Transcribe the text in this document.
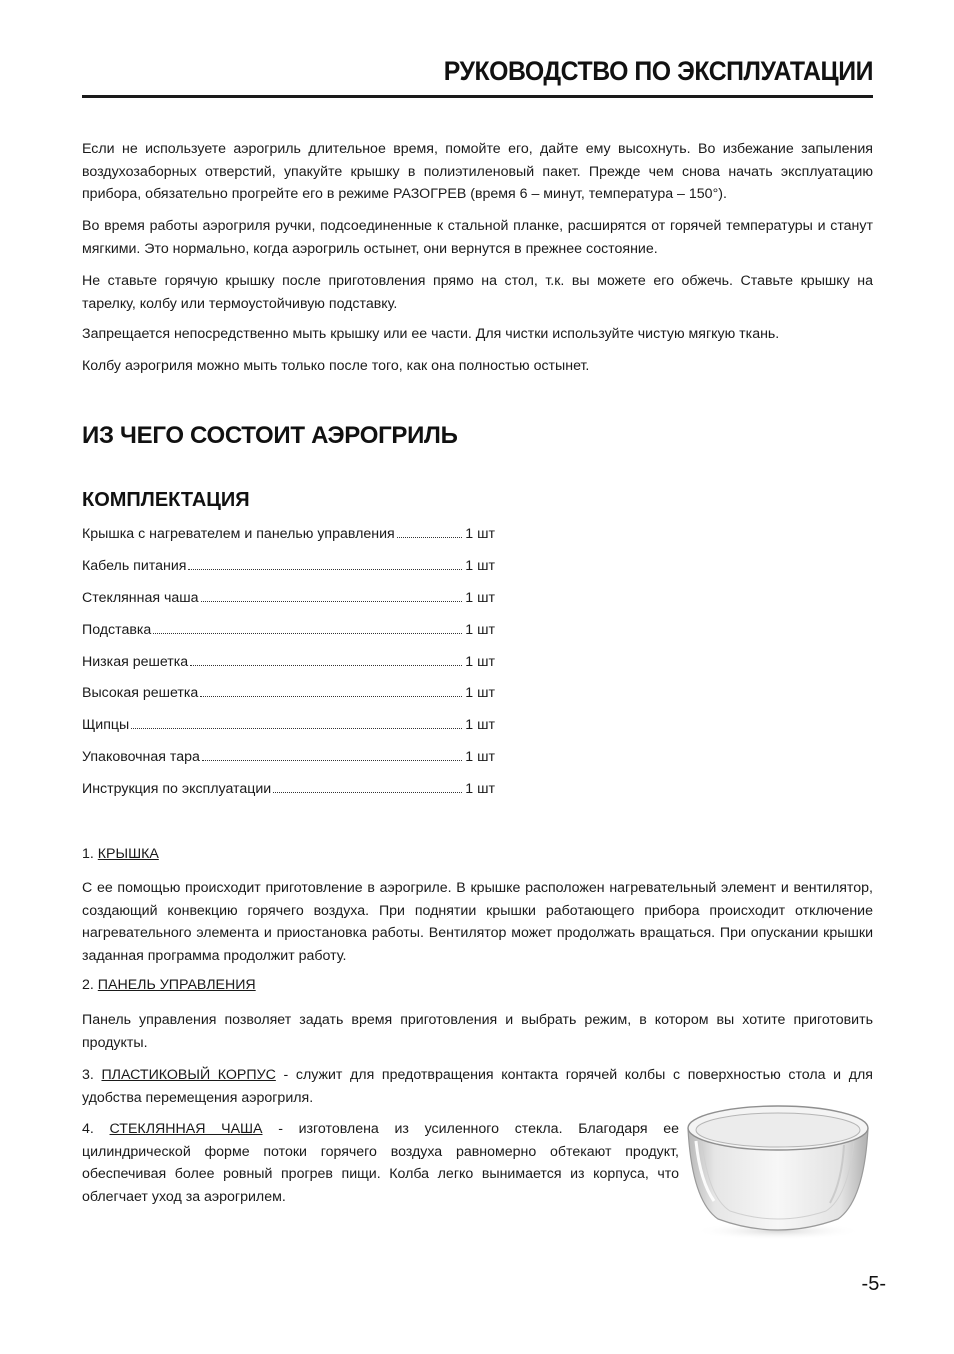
РУКОВОДСТВО ПО ЭКСПЛУАТАЦИИ

Если не используете аэрогриль длительное время, помойте его, дайте ему высохнуть. Во избежание запыления воздухозаборных отверстий, упакуйте крышку в полиэтиленовый пакет. Прежде чем снова начать эксплуатацию прибора, обязательно прогрейте его в режиме РАЗОГРЕВ (время 6 – минут, температура – 150°).

Во время работы аэрогриля ручки, подсоединенные к стальной планке, расширятся от горячей температуры и станут мягкими. Это нормально, когда аэрогриль остынет, они вернутся в прежнее состояние.

Не ставьте горячую крышку после приготовления прямо на стол, т.к. вы можете его обжечь. Ставьте крышку на тарелку, колбу или термоустойчивую подставку.

Запрещается непосредственно мыть крышку или ее части. Для чистки используйте чистую мягкую ткань.

Колбу аэрогриля можно мыть только после того, как она полностью остынет.

ИЗ ЧЕГО СОСТОИТ АЭРОГРИЛЬ
КОМПЛЕКТАЦИЯ
Крышка с нагревателем и панелью управления	1 шт
Кабель питания	1 шт
Стеклянная чаша	1 шт
Подставка	1 шт
Низкая решетка	1 шт
Высокая решетка	1 шт
Щипцы	1 шт
Упаковочная тара	1 шт
Инструкция по эксплуатации	1 шт

1. КРЫШКА

С ее помощью происходит приготовление в аэрогриле. В крышке расположен нагревательный элемент и вентилятор, создающий конвекцию горячего воздуха. При поднятии крышки работающего прибора происходит отключение нагревательного элемента и приостановка работы. Вентилятор может продолжать вращаться. При опускании крышки заданная программа продолжит работу.

2. ПАНЕЛЬ УПРАВЛЕНИЯ

Панель управления позволяет задать время приготовления и выбрать режим, в котором вы хотите приготовить продукты.

3. ПЛАСТИКОВЫЙ КОРПУС - служит для предотвращения контакта горячей колбы с поверхностью стола и для удобства перемещения аэрогриля.

4. СТЕКЛЯННАЯ ЧАША - изготовлена из усиленного стекла. Благодаря ее цилиндрической форме потоки горячего воздуха равномерно обтекают продукт, обеспечивая более ровный прогрев пищи. Колба легко вынимается из корпуса, что облегчает уход за аэрогрилем.

-5-
